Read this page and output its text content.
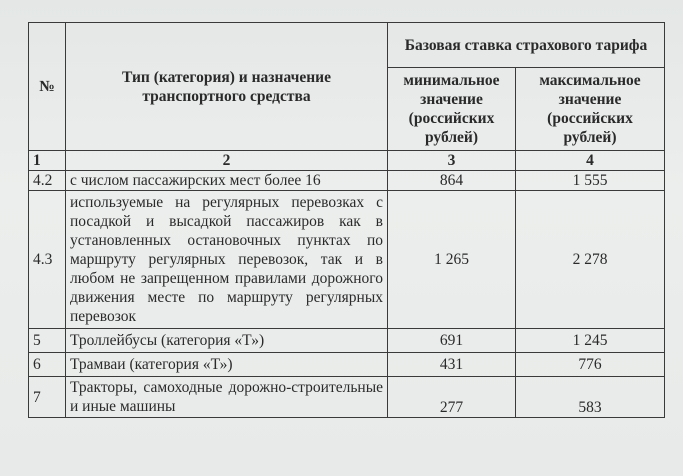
№	Тип (категория) и назначение транспортного средства	Базовая ставка страхового тарифа	
		минимальное значение (российских рублей)	максимальное значение (российских рублей)
1	2	3	4
4.2	с числом пассажирских мест более 16	864	1 555
4.3	используемые на регулярных перевозках с посадкой и высадкой пассажиров как в установленных остановочных пунктах по маршруту регулярных перевозок, так и в любом не запрещенном правилами дорожного движения месте по маршруту регулярных перевозок	1 265	2 278
5	Троллейбусы (категория «Т»)	691	1 245
6	Трамваи (категория «Т»)	431	776
7	Тракторы, самоходные дорожно-строительные и иные машины	277	583
